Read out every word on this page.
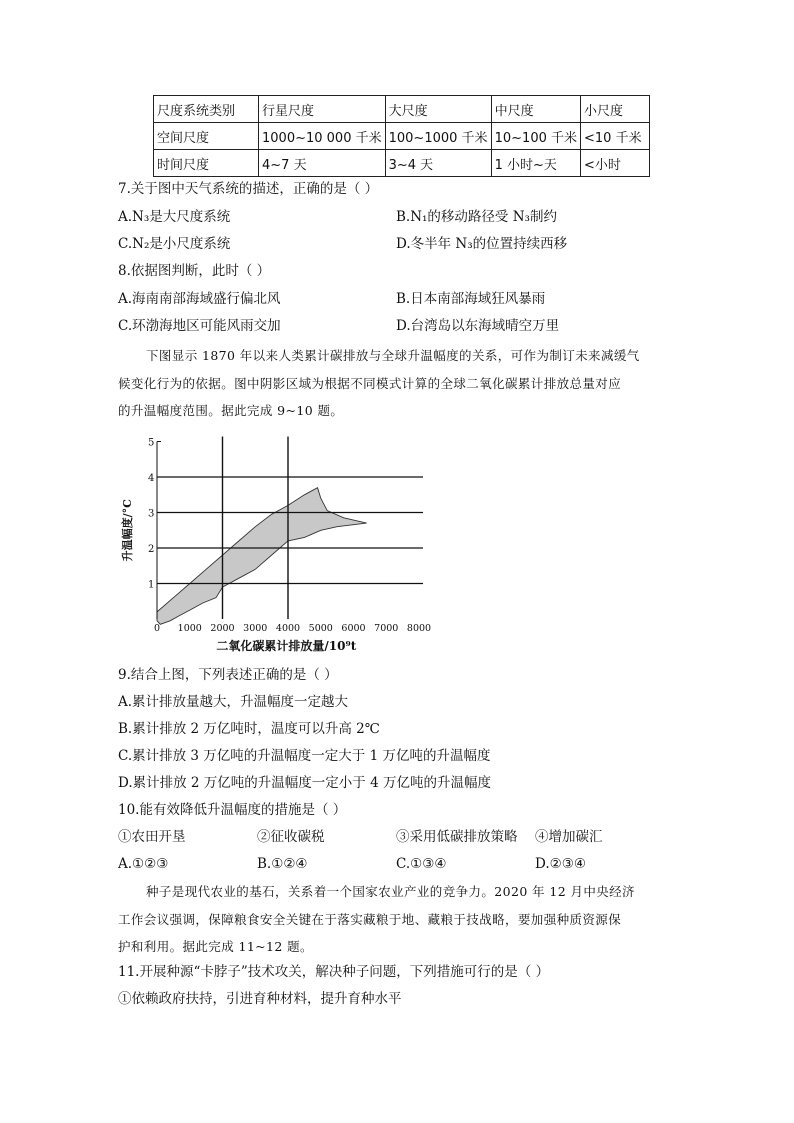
尺度系统类别	行星尺度	大尺度	中尺度	小尺度
空间尺度	1000~10 000 千米	100~1000 千米	10~100 千米	<10 千米
时间尺度	4~7 天	3~4 天	1 小时~天	<小时
7.关于图中天气系统的描述，正确的是（ ）
A.N₃是大尺度系统	B.N₁的移动路径受 N₃制约
C.N₂是小尺度系统	D.冬半年 N₃的位置持续西移
8.依据图判断，此时（ ）
A.海南南部海域盛行偏北风	B.日本南部海域狂风暴雨
C.环渤海地区可能风雨交加	D.台湾岛以东海域晴空万里
下图显示 1870 年以来人类累计碳排放与全球升温幅度的关系，可作为制订未来减缓气
候变化行为的依据。图中阴影区域为根据不同模式计算的全球二氧化碳累计排放总量对应
的升温幅度范围。据此完成 9~10 题。
1
2
3
4
5
0 1000 2000 3000 4000 5000 6000 7000 8000
升温幅度/°C
二氧化碳累计排放量/10⁹t
9.结合上图，下列表述正确的是（ ）
A.累计排放量越大，升温幅度一定越大
B.累计排放 2 万亿吨时，温度可以升高 2℃
C.累计排放 3 万亿吨的升温幅度一定大于 1 万亿吨的升温幅度
D.累计排放 2 万亿吨的升温幅度一定小于 4 万亿吨的升温幅度
10.能有效降低升温幅度的措施是（ ）
①农田开垦	②征收碳税	③采用低碳排放策略 ④增加碳汇
A.①②③	B.①②④	C.①③④	D.②③④
种子是现代农业的基石，关系着一个国家农业产业的竞争力。2020 年 12 月中央经济
工作会议强调，保障粮食安全关键在于落实藏粮于地、藏粮于技战略，要加强种质资源保
护和利用。据此完成 11~12 题。
11.开展种源“卡脖子”技术攻关，解决种子问题，下列措施可行的是（ ）
①依赖政府扶持，引进育种材料，提升育种水平
